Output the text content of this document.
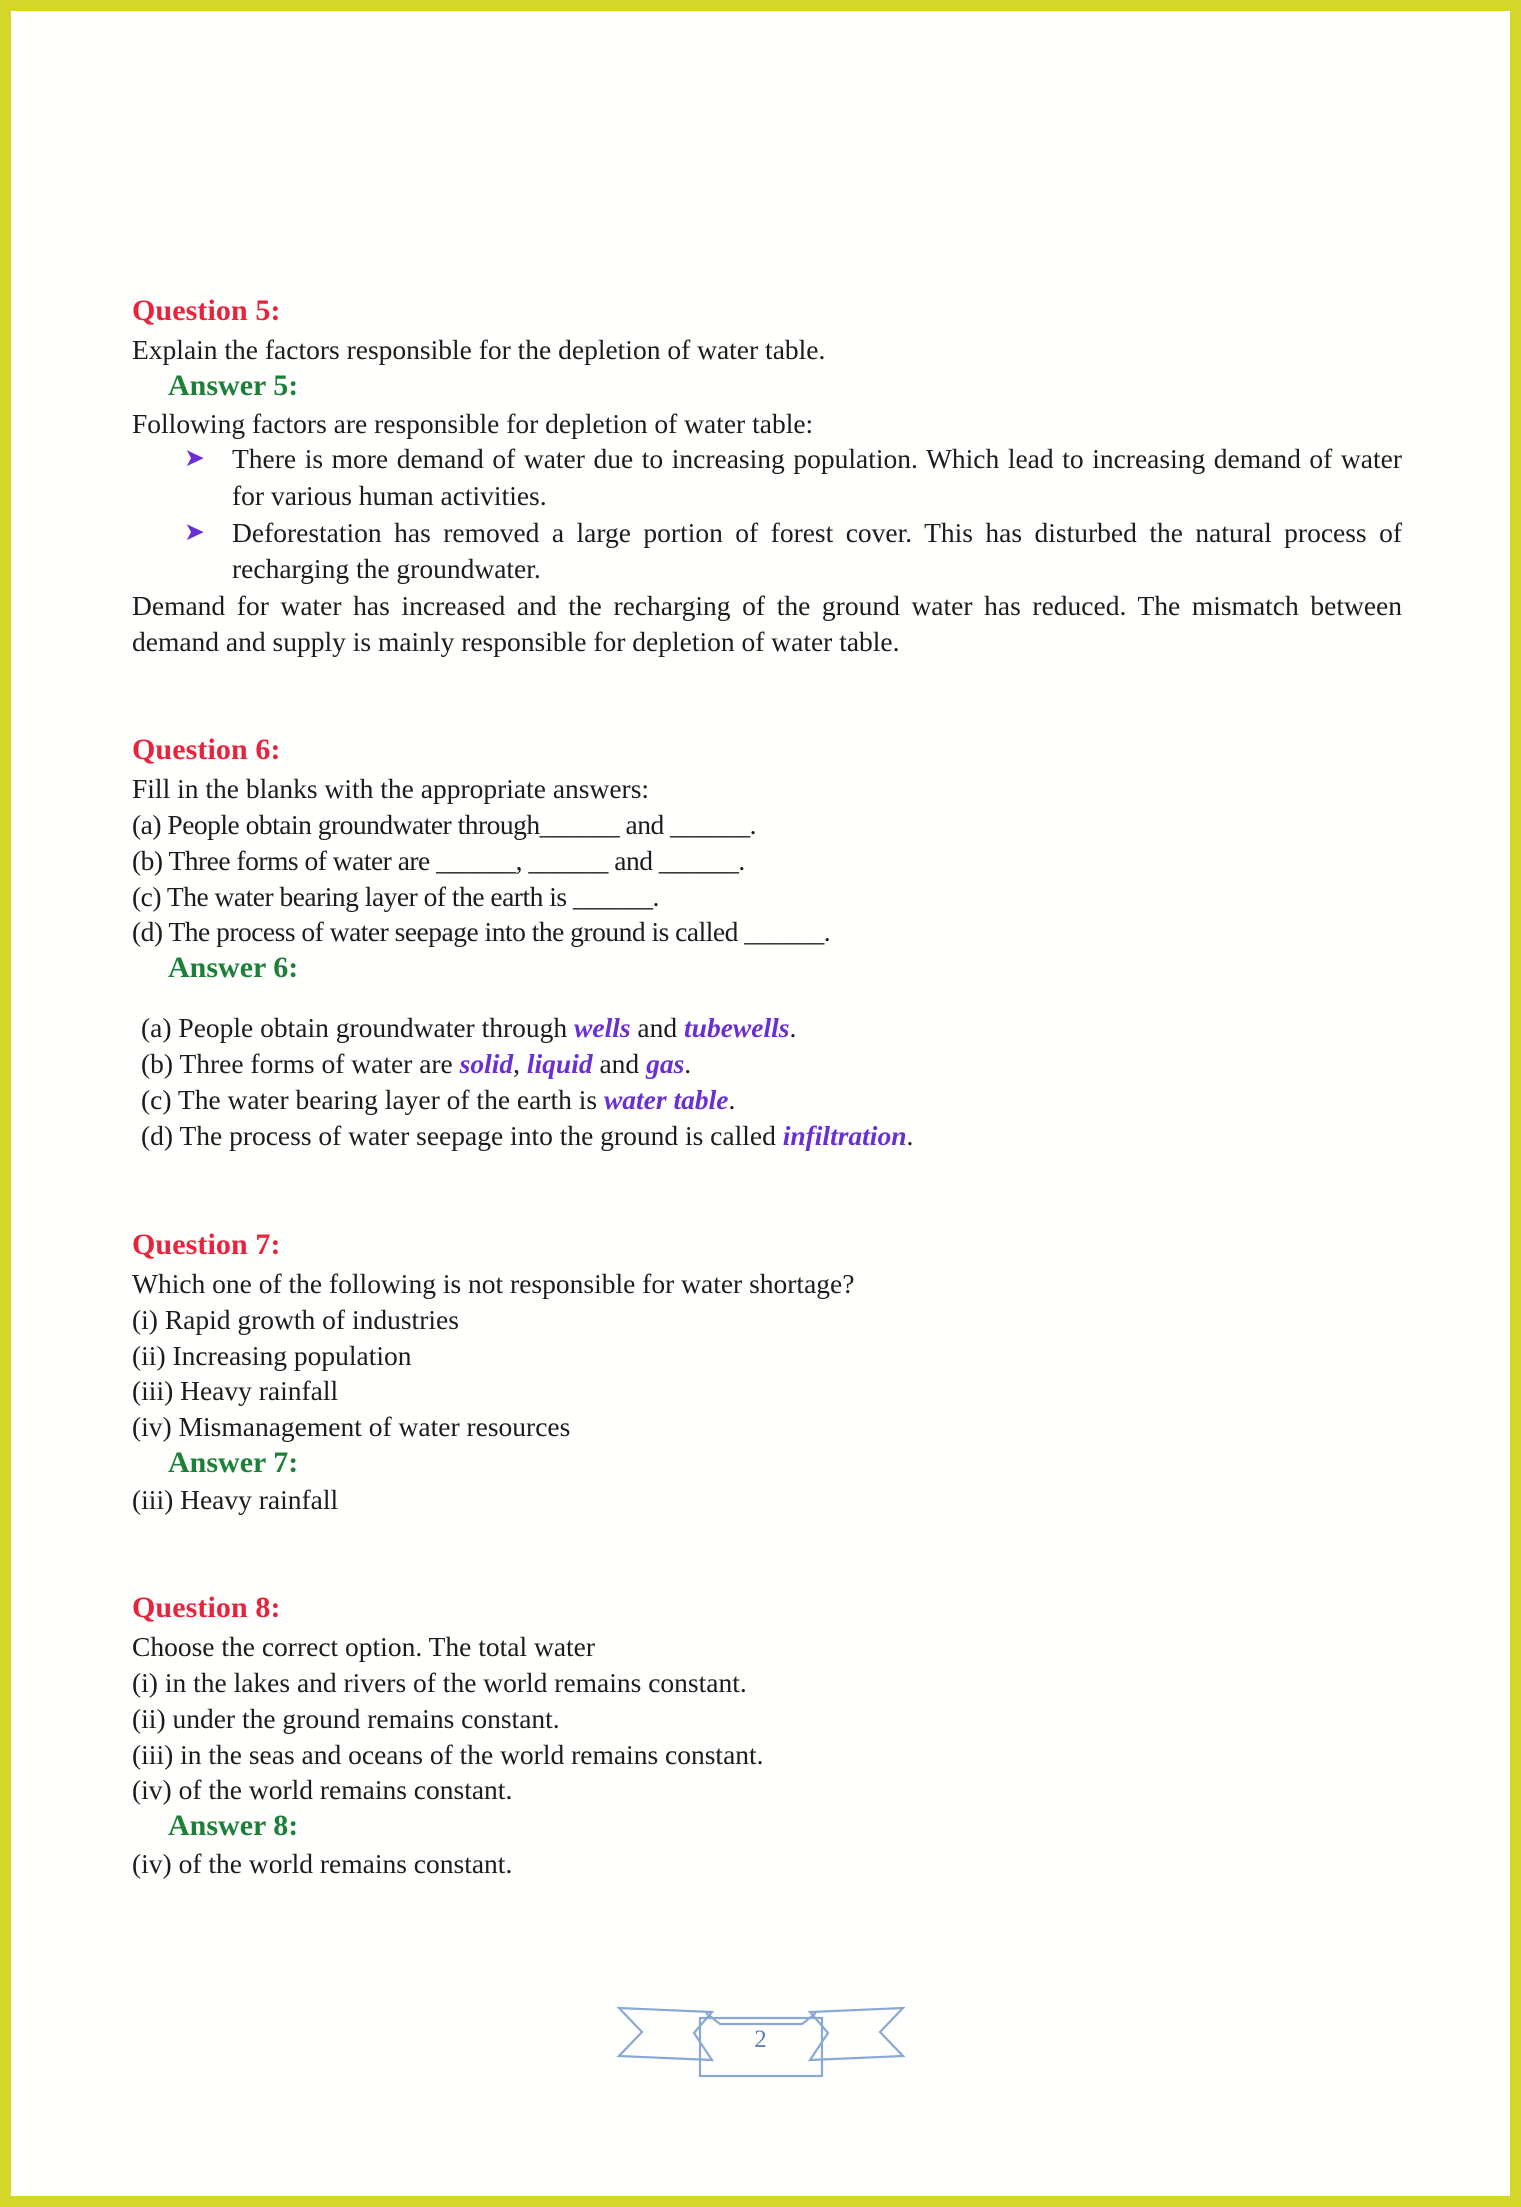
Question 5:

Explain the factors responsible for the depletion of water table.

Answer 5:

Following factors are responsible for depletion of water table:

➤ There is more demand of water due to increasing population. Which lead to increasing demand of water for various human activities.
➤ Deforestation has removed a large portion of forest cover. This has disturbed the natural process of recharging the groundwater.

Demand for water has increased and the recharging of the ground water has reduced. The mismatch between demand and supply is mainly responsible for depletion of water table.

Question 6:

Fill in the blanks with the appropriate answers:

(a) People obtain groundwater through______ and ______.

(b) Three forms of water are ______, ______ and ______.

(c) The water bearing layer of the earth is ______.

(d) The process of water seepage into the ground is called ______.

Answer 6:

(a) People obtain groundwater through wells and tubewells.

(b) Three forms of water are solid, liquid and gas.

(c) The water bearing layer of the earth is water table.

(d) The process of water seepage into the ground is called infiltration.

Question 7:

Which one of the following is not responsible for water shortage?

(i) Rapid growth of industries

(ii) Increasing population

(iii) Heavy rainfall

(iv) Mismanagement of water resources

Answer 7:

(iii) Heavy rainfall

Question 8:

Choose the correct option. The total water

(i) in the lakes and rivers of the world remains constant.

(ii) under the ground remains constant.

(iii) in the seas and oceans of the world remains constant.

(iv) of the world remains constant.

Answer 8:

(iv) of the world remains constant.

2
